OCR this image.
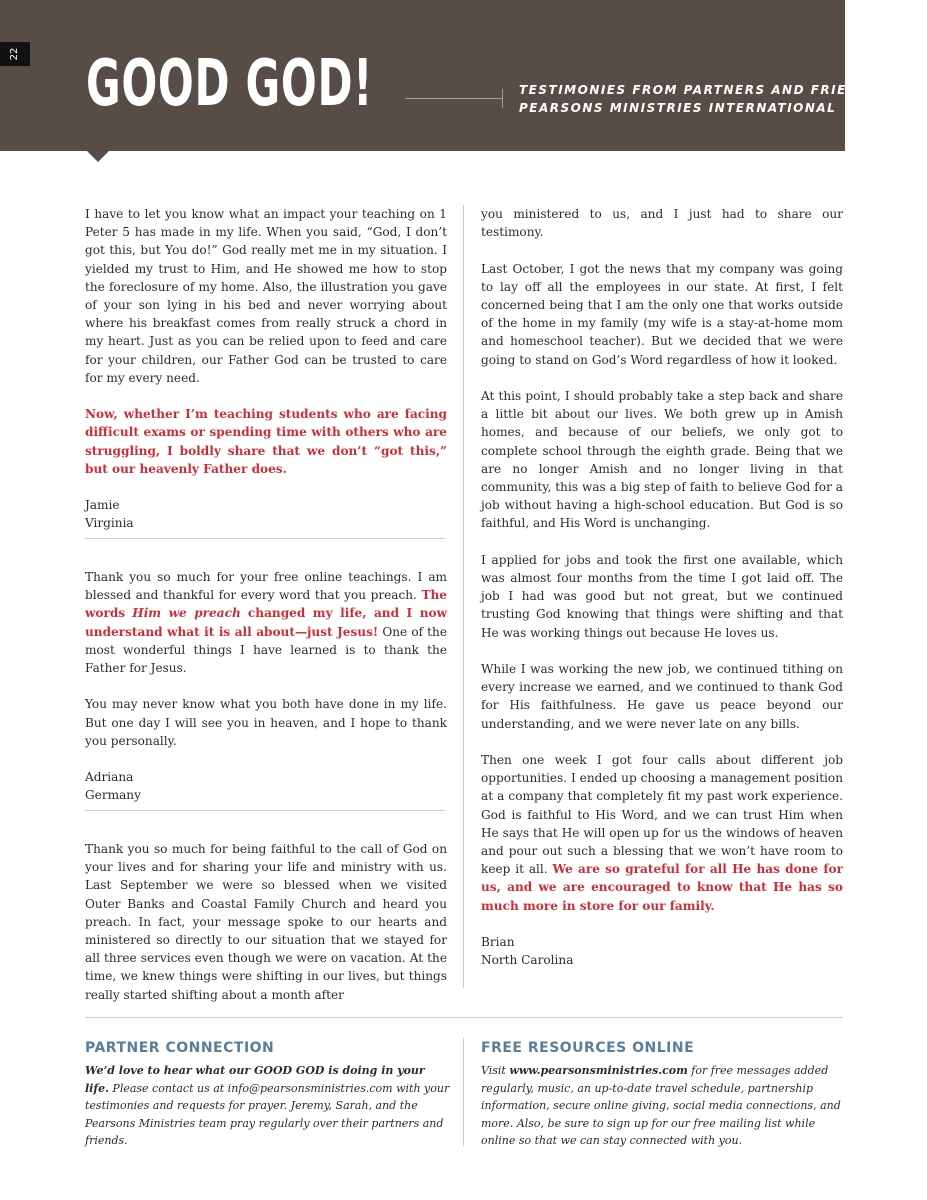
22 GOOD GOD!	TESTIMONIES FROM PARTNERS AND FRIENDS OF
PEARSONS MINISTRIES INTERNATIONAL

I have to let you know what an impact your teaching on 1 Peter 5 has made in my life. When you said, “God, I don’t got this, but You do!” God really met me in my situation. I yielded my trust to Him, and He showed me how to stop the foreclosure of my home. Also, the illustration you gave of your son lying in his bed and never worrying about where his breakfast comes from really struck a chord in my heart. Just as you can be relied upon to feed and care for your children, our Father God can be trusted to care for my every need.

Now, whether I’m teaching students who are facing difficult exams or spending time with others who are struggling, I boldly share that we don’t “got this,” but our heavenly Father does.

Jamie
Virginia

Thank you so much for your free online teachings. I am blessed and thankful for every word that you preach. The words Him we preach changed my life, and I now understand what it is all about—just Jesus! One of the most wonderful things I have learned is to thank the Father for Jesus.

You may never know what you both have done in my life. But one day I will see you in heaven, and I hope to thank you personally.

Adriana
Germany

Thank you so much for being faithful to the call of God on your lives and for sharing your life and ministry with us. Last September we were so blessed when we visited Outer Banks and Coastal Family Church and heard you preach. In fact, your message spoke to our hearts and ministered so directly to our situation that we stayed for all three services even though we were on vacation. At the time, we knew things were shifting in our lives, but things really started shifting about a month after

you ministered to us, and I just had to share our testimony.

Last October, I got the news that my company was going to lay off all the employees in our state. At first, I felt concerned being that I am the only one that works outside of the home in my family (my wife is a stay-at-home mom and homeschool teacher). But we decided that we were going to stand on God’s Word regardless of how it looked.

At this point, I should probably take a step back and share a little bit about our lives. We both grew up in Amish homes, and because of our beliefs, we only got to complete school through the eighth grade. Being that we are no longer Amish and no longer living in that community, this was a big step of faith to believe God for a job without having a high-school education. But God is so faithful, and His Word is unchanging.

I applied for jobs and took the first one available, which was almost four months from the time I got laid off. The job I had was good but not great, but we continued trusting God knowing that things were shifting and that He was working things out because He loves us.

While I was working the new job, we continued tithing on every increase we earned, and we continued to thank God for His faithfulness. He gave us peace beyond our understanding, and we were never late on any bills.

Then one week I got four calls about different job opportunities. I ended up choosing a management position at a company that completely fit my past work experience. God is faithful to His Word, and we can trust Him when He says that He will open up for us the windows of heaven and pour out such a blessing that we won’t have room to keep it all. We are so grateful for all He has done for us, and we are encouraged to know that He has so much more in store for our family.

Brian
North Carolina

PARTNER CONNECTION

We’d love to hear what our GOOD GOD is doing in your life. Please contact us at info@pearsonsministries.com with your testimonies and requests for prayer. Jeremy, Sarah, and the Pearsons Ministries team pray regularly over their partners and friends.

FREE RESOURCES ONLINE

Visit www.pearsonsministries.com for free messages added regularly, music, an up-to-date travel schedule, partnership information, secure online giving, social media connections, and more. Also, be sure to sign up for our free mailing list while online so that we can stay connected with you.
